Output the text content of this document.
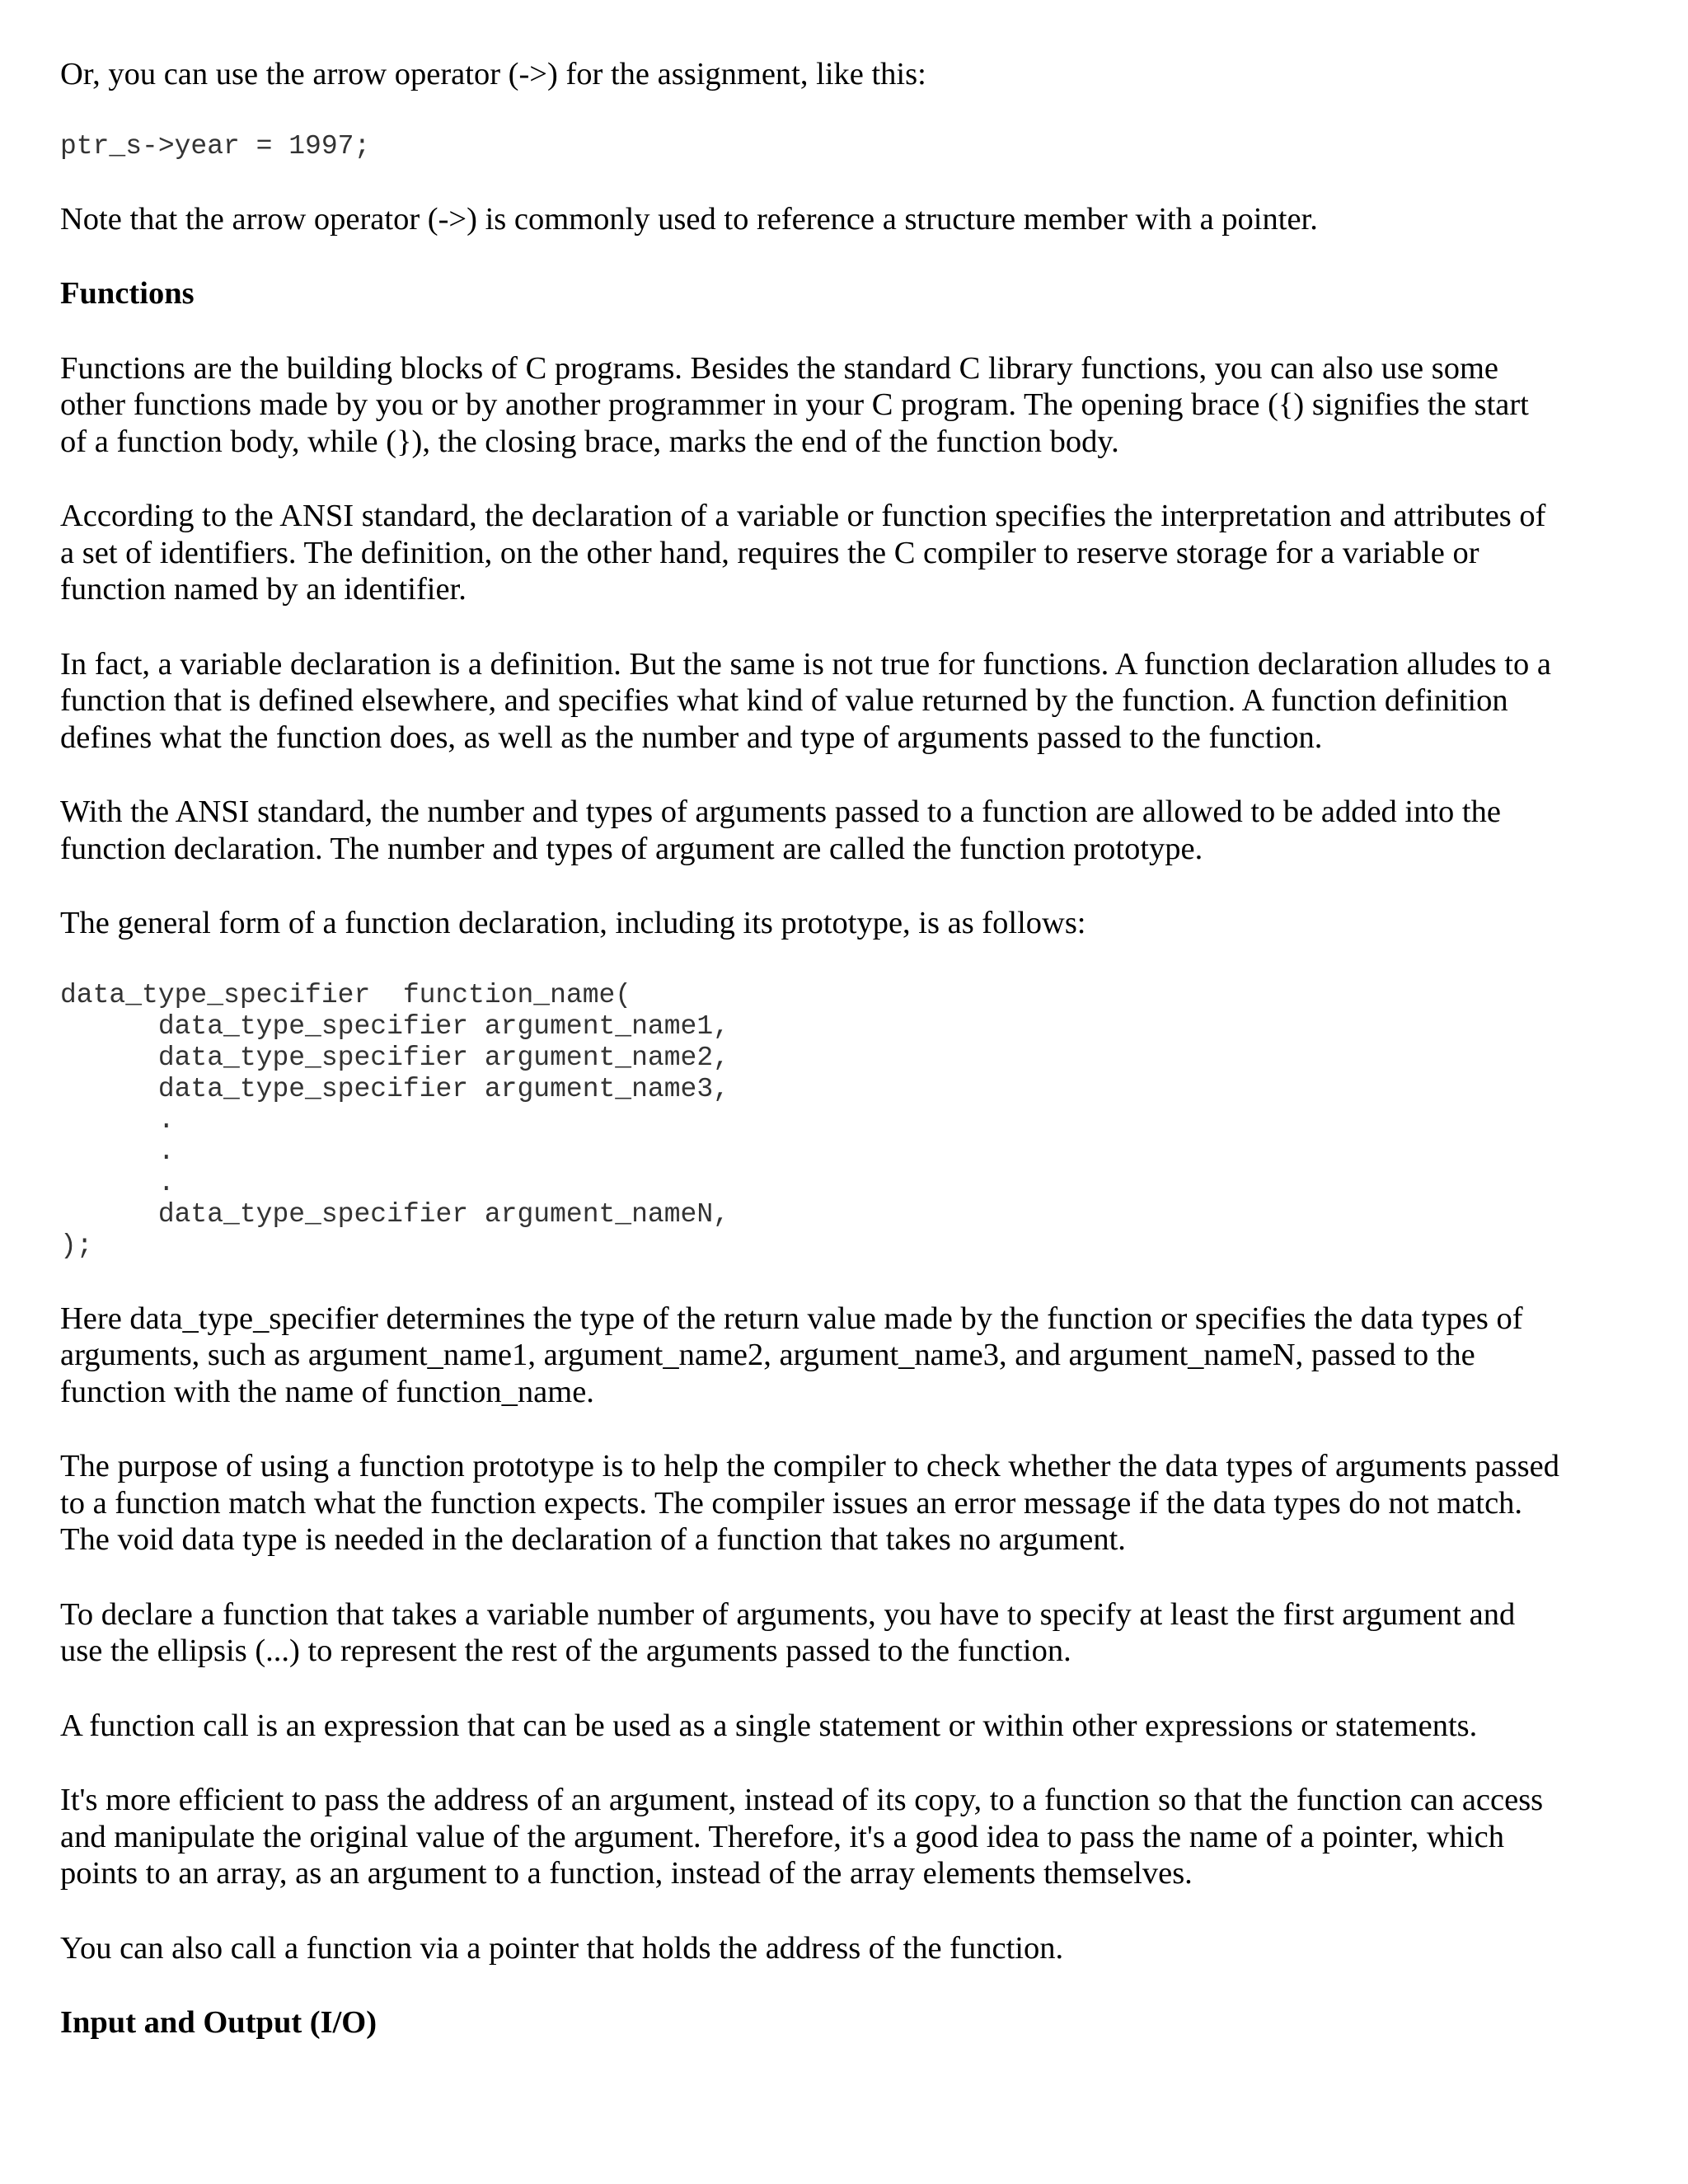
Or, you can use the arrow operator (->) for the assignment, like this:
ptr_s->year = 1997;
Note that the arrow operator (->) is commonly used to reference a structure member with a pointer.
Functions
Functions are the building blocks of C programs. Besides the standard C library functions, you can also use some
other functions made by you or by another programmer in your C program. The opening brace ({) signifies the start
of a function body, while (}), the closing brace, marks the end of the function body.
According to the ANSI standard, the declaration of a variable or function specifies the interpretation and attributes of
a set of identifiers. The definition, on the other hand, requires the C compiler to reserve storage for a variable or
function named by an identifier.
In fact, a variable declaration is a definition. But the same is not true for functions. A function declaration alludes to a
function that is defined elsewhere, and specifies what kind of value returned by the function. A function definition
defines what the function does, as well as the number and type of arguments passed to the function.
With the ANSI standard, the number and types of arguments passed to a function are allowed to be added into the
function declaration. The number and types of argument are called the function prototype.
The general form of a function declaration, including its prototype, is as follows:
data_type_specifier  function_name(
data_type_specifier argument_name1,
data_type_specifier argument_name2,
data_type_specifier argument_name3,
.
.
.
data_type_specifier argument_nameN,
);
Here data_type_specifier determines the type of the return value made by the function or specifies the data types of
arguments, such as argument_name1, argument_name2, argument_name3, and argument_nameN, passed to the
function with the name of function_name.
The purpose of using a function prototype is to help the compiler to check whether the data types of arguments passed
to a function match what the function expects. The compiler issues an error message if the data types do not match.
The void data type is needed in the declaration of a function that takes no argument.
To declare a function that takes a variable number of arguments, you have to specify at least the first argument and
use the ellipsis (...) to represent the rest of the arguments passed to the function.
A function call is an expression that can be used as a single statement or within other expressions or statements.
It's more efficient to pass the address of an argument, instead of its copy, to a function so that the function can access
and manipulate the original value of the argument. Therefore, it's a good idea to pass the name of a pointer, which
points to an array, as an argument to a function, instead of the array elements themselves.
You can also call a function via a pointer that holds the address of the function.
Input and Output (I/O)
